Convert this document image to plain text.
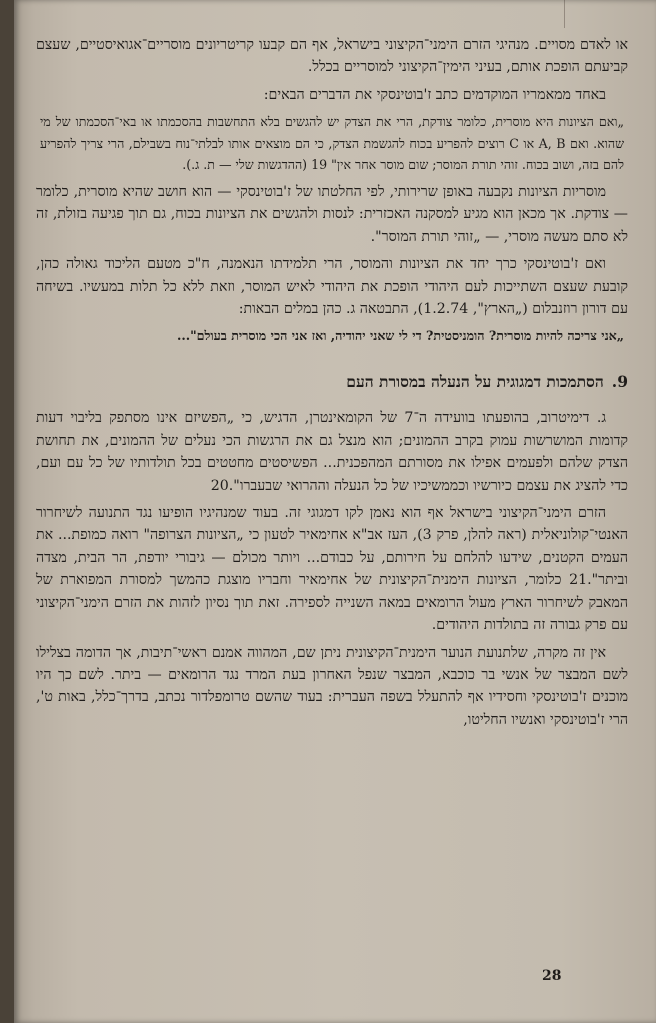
או לאדם מסויים. מנהיגי הזרם הימני־הקיצוני בישראל, אף הם קבעו קריטריונים מוסריים־אגואיסטיים, שעצם קביעתם הופכת אותם, בעיני הימין־הקיצוני למוסריים בכלל.

באחד ממאמריו המוקדמים כתב ז'בוטינסקי את הדברים הבאים:

„ואם הציונות היא מוסרית, כלומר צודקת, הרי את הצדק יש להגשים בלא התחשבות בהסכמתו או באי־הסכמתו של מי שהוא. ואם A, B או C רוצים להפריע בכוח להגשמת הצדק, כי הם מוצאים אותו לבלתי־נוח בשבילם, הרי צריך להפריע להם בזה, ושוב בכוח. זוהי תורת המוסר; שום מוסר אחר אין" 19 (ההדגשות שלי — ת. ג.).

מוסריות הציונות נקבעה באופן שרירותי, לפי החלטתו של ז'בוטינסקי — הוא חושב שהיא מוסרית, כלומר — צודקת. אך מכאן הוא מגיע למסקנה האכזרית: לנסות ולהגשים את הציונות בכוח, גם תוך פגיעה בזולת, זה לא סתם מעשה מוסרי, — „זוהי תורת המוסר".

ואם ז'בוטינסקי כרך יחד את הציונות והמוסר, הרי תלמידתו הנאמנה, ח"כ מטעם הליכוד גאולה כהן, קובעת שעצם השתייכות לעם היהודי הופכת את היהודי לאיש המוסר, וזאת ללא כל תלות במעשיו. בשיחה עם דורון רוזנבלום („הארץ", 1.2.74), התבטאה ג. כהן במלים הבאות:

„אני צריכה להיות מוסרית? הומניסטית? די לי שאני יהודיה, ואז אני הכי מוסרית בעולם"...

9.הסתמכות דמגוגית על הנעלה במסורת העם

ג. דימיטרוב, בהופעתו בוועידה ה־7 של הקומאינטרן, הדגיש, כי „הפשיזם אינו מסתפק בליבוי דעות קדומות המושרשות עמוק בקרב ההמונים; הוא מנצל גם את הרגשות הכי נעלים של ההמונים, את תחושת הצדק שלהם ולפעמים אפילו את מסורתם המהפכנית... הפשיסטים מחטטים בכל תולדותיו של כל עם ועם, כדי להציג את עצמם כיורשיו וכממשיכיו של כל הנעלה וההרואי שבעברו".20

הזרם הימני־הקיצוני בישראל אף הוא נאמן לקו דמגוגי זה. בעוד שמנהיגיו הופיעו נגד התנועה לשיחרור האנטי־קולוניאלית (ראה להלן, פרק 3), העז אב"א אחימאיר לטעון כי „הציונות הצרופה" רואה כמופת... את העמים הקטנים, שידעו להלחם על חירותם, על כבודם... ויותר מכולם — גיבורי יודפת, הר הבית, מצדה וביתר".21 כלומר, הציונות הימנית־הקיצונית של אחימאיר וחבריו מוצגת כהמשך למסורת המפוארת של המאבק לשיחרור הארץ מעול הרומאים במאה השנייה לספירה. זאת תוך נסיון לזהות את הזרם הימני־הקיצוני עם פרק גבורה זה בתולדות היהודים.

אין זה מקרה, שלתנועת הנוער הימנית־הקיצונית ניתן שם, המהווה אמנם ראשי־תיבות, אך הדומה בצלילו לשם המבצר של אנשי בר כוכבא, המבצר שנפל האחרון בעת המרד נגד הרומאים — ביתר. לשם כך היו מוכנים ז'בוטינסקי וחסידיו אף להתעלל בשפה העברית: בעוד שהשם טרומפלדור נכתב, בדרך־כלל, באות ט', הרי ז'בוטינסקי ואנשיו החליטו,

28
